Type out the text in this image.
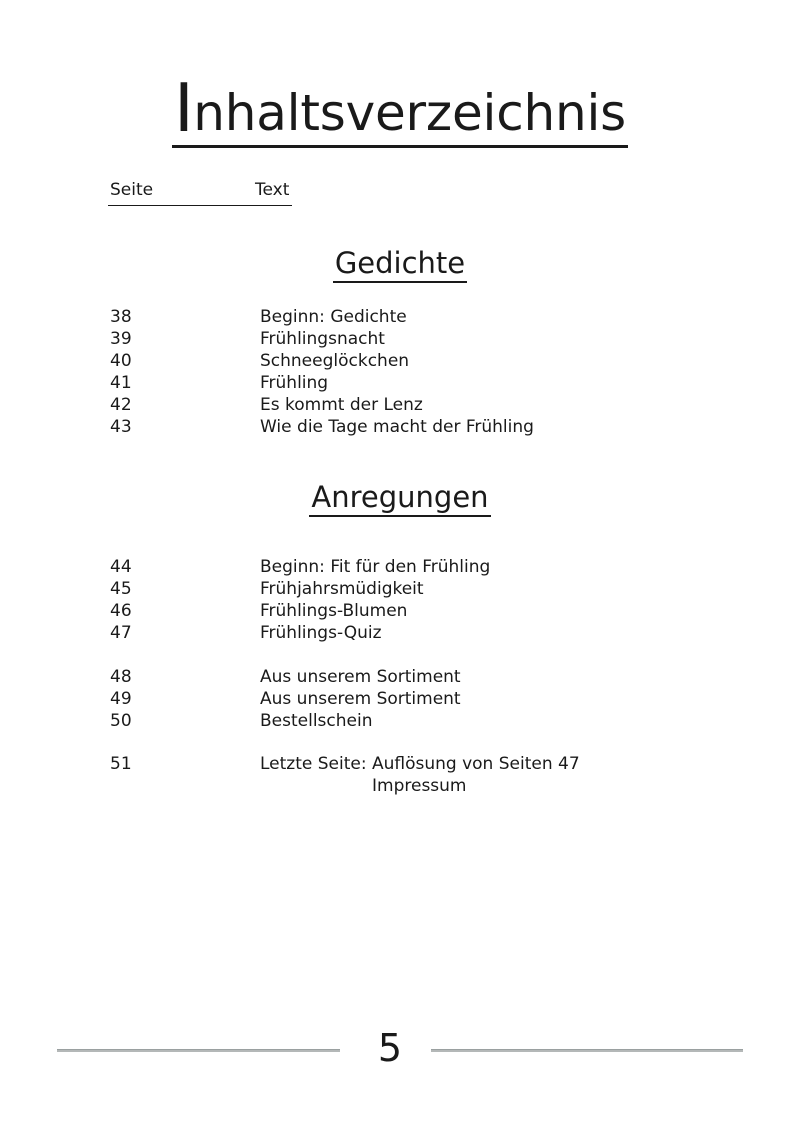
Inhaltsverzeichnis
Seite	Text
Gedichte
38	Beginn: Gedichte
39	Frühlingsnacht
40	Schneeglöckchen
41	Frühling
42	Es kommt der Lenz
43	Wie die Tage macht der Frühling
Anregungen
44	Beginn: Fit für den Frühling
45	Frühjahrsmüdigkeit
46	Frühlings-Blumen
47	Frühlings-Quiz
48	Aus unserem Sortiment
49	Aus unserem Sortiment
50	Bestellschein
51	Letzte Seite: Auflösung von Seiten 47
Impressum
5
